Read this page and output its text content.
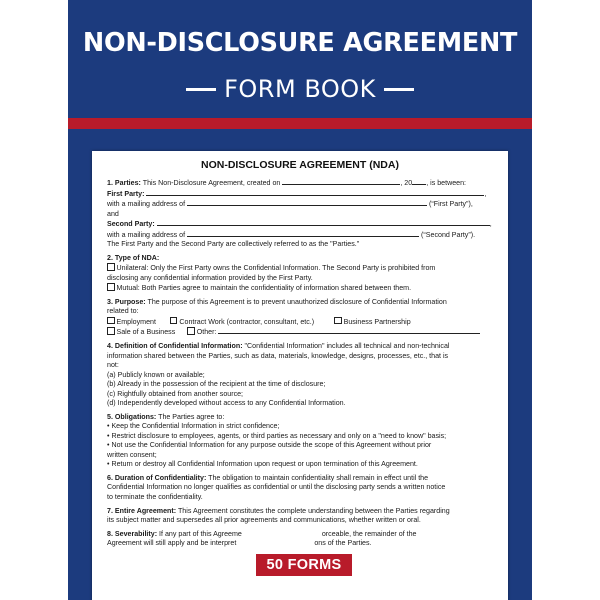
NON-DISCLOSURE AGREEMENT
FORM BOOK
NON-DISCLOSURE AGREEMENT (NDA)

1. Parties: This Non-Disclosure Agreement, created on	, 20 , is between:
First Party:	,
with a mailing address of	(“First Party”),
and
Second Party:	,
with a mailing address of	(“Second Party”).
The First Party and the Second Party are collectively referred to as the "Parties."

2. Type of NDA:
Unilateral: Only the First Party owns the Confidential Information. The Second Party is prohibited from
disclosing any confidential information provided by the First Party.
Mutual: Both Parties agree to maintain the confidentiality of information shared between them.

3. Purpose: The purpose of this Agreement is to prevent unauthorized disclosure of Confidential Information
related to:
Employment	Contract Work (contractor, consultant, etc.)	Business Partnership
Sale of a Business	Other:

4. Definition of Confidential Information: "Confidential Information" includes all technical and non-technical
information shared between the Parties, such as data, materials, knowledge, designs, processes, etc., that is
not:
(a) Publicly known or available;
(b) Already in the possession of the recipient at the time of disclosure;
(c) Rightfully obtained from another source;
(d) Independently developed without access to any Confidential Information.

5. Obligations: The Parties agree to:
• Keep the Confidential Information in strict confidence;
• Restrict disclosure to employees, agents, or third parties as necessary and only on a "need to know" basis;
• Not use the Confidential Information for any purpose outside the scope of this Agreement without prior
written consent;
• Return or destroy all Confidential Information upon request or upon termination of this Agreement.

6. Duration of Confidentiality: The obligation to maintain confidentiality shall remain in effect until the
Confidential Information no longer qualifies as confidential or until the disclosing party sends a written notice
to terminate the confidentiality.

7. Entire Agreement: This Agreement constitutes the complete understanding between the Parties regarding
its subject matter and supersedes all prior agreements and communications, whether written or oral.

8. Severability: If any part of this Agreeme	orceable, the remainder of the
Agreement will still apply and be interpret	ons of the Parties.

50 FORMS
